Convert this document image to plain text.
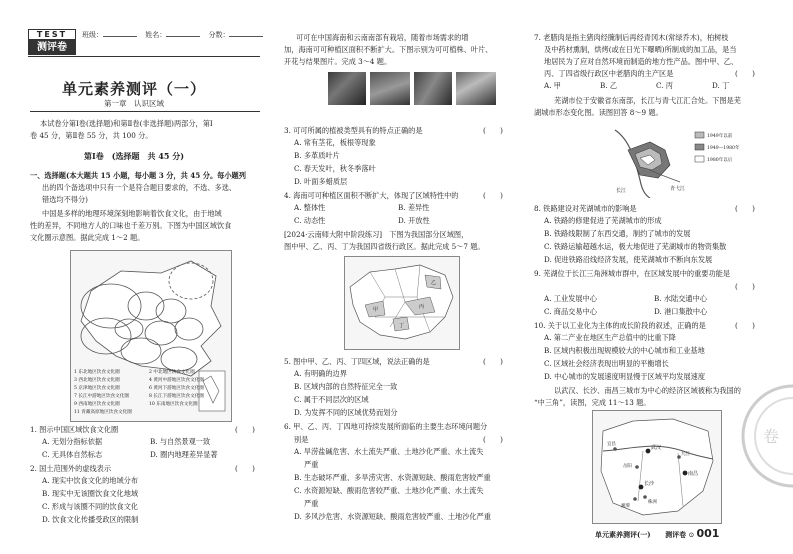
TEST
测评卷
班级：	姓名：	分数：
单元素养测评（一）
第一章　认识区域
本试卷分第Ⅰ卷(选择题)和第Ⅱ卷(非选择题)两部分，第Ⅰ
卷 45 分，第Ⅱ卷 55 分，共 100 分。
第Ⅰ卷　(选择题　共 45 分)
一、选择题(本大题共 15 小题，每小题 3 分，共 45 分。每小题列
出的四个备选项中只有一个是符合题目要求的，不选、多选、
错选均不得分)
中国是多样的地理环境深刻地影响着饮食文化，由于地域
性的差异，不同地方人的口味也千差万别。下图为中国区域饮食
文化圈示意图。据此完成 1～2 题。
1 东北地区饮食文化圈	2 中北地区饮食文化圈
3 西北地区饮食文化圈	4 黄河中游地区饮食文化圈
5 京津地区饮食文化圈	6 黄河下游地区饮食文化圈
7 长江中游地区饮食文化圈	8 长江下游地区饮食文化圈
9 西南地区饮食文化圈	10 东南地区饮食文化圈
11 青藏高原地区饮食文化圈
1. 图示中国区域饮食文化圈	(　　)
A. 无划分指标依据	B. 与自然景观一致
C. 无具体自然标志	D. 圈内地理差异显著
2. 国土范围外的虚线表示	(　　)
A. 现实中饮食文化的地域分布
B. 现实中无该圈饮食文化地域
C. 形成与该圈不同的饮食文化
D. 饮食文化传播受政区的限制
可可在中国海南和云南南部有栽培，随着市场需求的增
加，海南可可种植区面积不断扩大。下图示别为可可植株、叶片、
开花与结果图片。完成 3～4 题。
3. 可可所属的植被类型具有的特点正确的是	(　　)
A. 常有茎花，板根等现象
B. 多革质叶片
C. 春天发叶，秋冬季落叶
D. 叶面多蜡质层
4. 海南可可种植区面积不断扩大，体现了区域特性中的	(　　)
A. 整体性	B. 差异性
C. 动态性	D. 开放性
[2024·云南师大附中阶段练习]　下图为我国部分区域图，
图中甲、乙、丙、丁为我国四省级行政区。据此完成 5～7 题。
甲
乙
丙
丁
5. 图中甲、乙、丙、丁四区域，说法正确的是	(　　)
A. 有明确的边界
B. 区域内部的自然特征完全一致
C. 属于不同层次的区域
D. 为发挥不同的区域优势而划分
6. 甲、乙、丙、丁四地可持续发展所面临的主要生态环境问题分
别是	(　　)
A. 旱涝盐碱危害、水土流失严重、土地沙化严重、水土流失
严重
B. 生态破坏严重、多旱涝灾害、水资源短缺、酸雨危害较严重
C. 水资源短缺、酸雨危害较严重、土地沙化严重、水土流失
严重
D. 多风沙危害、水资源短缺、酸雨危害较严重、土地沙化严重
7. 老腊肉是指主猪肉经腌制后再经青冈木(常绿乔木)，柏树枝
及中药材熏制，烘烤(或在日光下曝晒)所制成的加工品，是当
地居民为了应对自然环境而制造的地方性产品。图中甲、乙、
丙、丁四省级行政区中老腊肉的主产区是	(　　)
A. 甲	B. 乙	C. 丙	D. 丁
芜湖市位于安徽省东南部，长江与青弋江汇合处。下图是芜
湖城市形态变化图。读图回答 8～9 题。
长江	青弋江
1949年以前
1949—1980年
1980年以后
8. 铁路建设对芜湖城市的影响是	(　　)
A. 铁路的修建促进了芜湖城市的形成
B. 铁路线限制了东西交通，制约了城市的发展
C. 铁路运输超越水运，极大地促进了芜湖城市的物资集散
D. 促进铁路沿线经济发展，使芜湖城市不断向东发展
9. 芜湖位于长江三角洲城市群中，在区域发展中的重要功能是
(　　)
A. 工业发展中心	B. 水陆交通中心
C. 商品交易中心	D. 港口集散中心
10. 关于以工业化为主体的成长阶段的叙述，正确的是	(　　)
A. 第二产业在地区生产总值中的比重下降
B. 区域内积极出现规模较大的中心城市和工业基地
C. 区域社会经济表现出明显的平衡增长
D. 中心城市的发展速度明显慢于区域平均发展速度
以武汉、长沙、南昌三城市为中心的经济区域被称为我国的
“中三角”，读图，完成 11～13 题。
武汉
长沙
南昌
宜昌
岳阳
九江
株洲
湘潭
卷
单元素养测评(一) 测评卷 ⊙ 001
